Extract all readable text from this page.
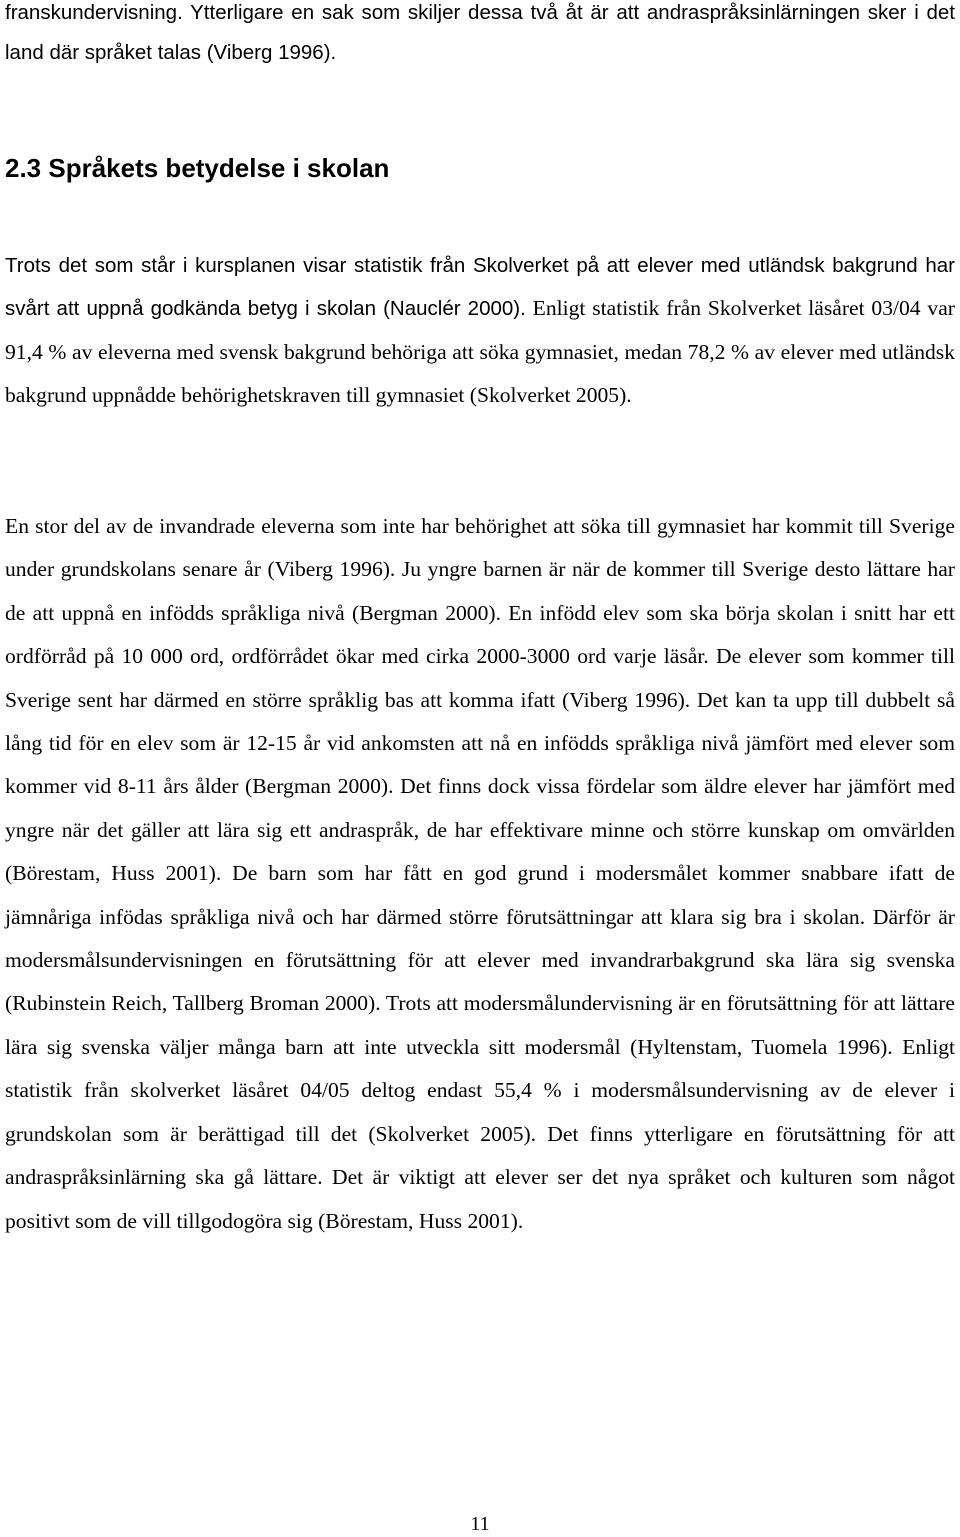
franskundervisning. Ytterligare en sak som skiljer dessa två åt är att andraspråksinlärningen sker i det land där språket talas (Viberg 1996).

2.3 Språkets betydelse i skolan

Trots det som står i kursplanen visar statistik från Skolverket på att elever med utländsk bakgrund har svårt att uppnå godkända betyg i skolan (Nauclér 2000). Enligt statistik från Skolverket läsåret 03/04 var 91,4 % av eleverna med svensk bakgrund behöriga att söka gymnasiet, medan 78,2 % av elever med utländsk bakgrund uppnådde behörighetskraven till gymnasiet (Skolverket 2005).

En stor del av de invandrade eleverna som inte har behörighet att söka till gymnasiet har kommit till Sverige under grundskolans senare år (Viberg 1996). Ju yngre barnen är när de kommer till Sverige desto lättare har de att uppnå en infödds språkliga nivå (Bergman 2000). En infödd elev som ska börja skolan i snitt har ett ordförråd på 10 000 ord, ordförrådet ökar med cirka 2000-3000 ord varje läsår. De elever som kommer till Sverige sent har därmed en större språklig bas att komma ifatt (Viberg 1996). Det kan ta upp till dubbelt så lång tid för en elev som är 12-15 år vid ankomsten att nå en infödds språkliga nivå jämfört med elever som kommer vid 8-11 års ålder (Bergman 2000). Det finns dock vissa fördelar som äldre elever har jämfört med yngre när det gäller att lära sig ett andraspråk, de har effektivare minne och större kunskap om omvärlden (Börestam, Huss 2001). De barn som har fått en god grund i modersmålet kommer snabbare ifatt de jämnåriga infödas språkliga nivå och har därmed större förutsättningar att klara sig bra i skolan. Därför är modersmålsundervisningen en förutsättning för att elever med invandrarbakgrund ska lära sig svenska (Rubinstein Reich, Tallberg Broman 2000). Trots att modersmålundervisning är en förutsättning för att lättare lära sig svenska väljer många barn att inte utveckla sitt modersmål (Hyltenstam, Tuomela 1996). Enligt statistik från skolverket läsåret 04/05 deltog endast 55,4 % i modersmålsundervisning av de elever i grundskolan som är berättigad till det (Skolverket 2005). Det finns ytterligare en förutsättning för att andraspråksinlärning ska gå lättare. Det är viktigt att elever ser det nya språket och kulturen som något positivt som de vill tillgodogöra sig (Börestam, Huss 2001).

11
